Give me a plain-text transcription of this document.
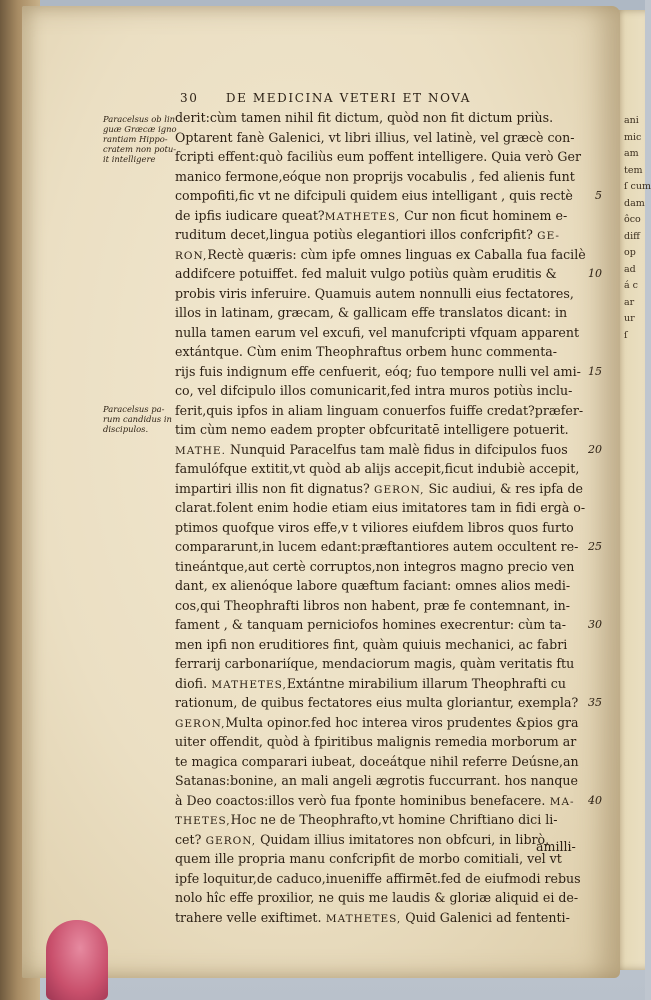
ani
mic
am
tem
ſ cum
dam
ôco
diff
op
ad
á c
ar
ur
ſ
30 DE MEDICINA VETERI ET NOVA
Paracelsus ob lin
guæ Græcæ igno
rantiam Hippo-
cratem non potu-
it intelligere
Paracelsus pa-
rum candidus in
discipulos.
derit:cùm tamen nihil fit dictum, quòd non fit dictum priùs.
Optarent fanè Galenici, vt libri illius, vel latinè, vel græcè con-
fcripti effent:quò faciliùs eum poffent intelligere. Quia verò Ger
manico fermone,eóque non proprijs vocabulis , fed alienis funt
compofiti,fic vt ne difcipuli quidem eius intelligant , quis rectè
de ipfis iudicare queat?MATHETES, Cur non ficut hominem e-
ruditum decet,lingua potiùs elegantiori illos confcripfit? GE-
RON,Rectè quæris: cùm ipfe omnes linguas ex Caballa fua facilè
addifcere potuiffet. fed maluit vulgo potiùs quàm eruditis &
probis viris inferuire. Quamuis autem nonnulli eius fectatores,
illos in latinam, græcam, & gallicam effe translatos dicant: in
nulla tamen earum vel excufi, vel manufcripti vfquam apparent
extántque. Cùm enim Theophraftus orbem hunc commenta-
rijs fuis indignum effe cenfuerit, eóq; fuo tempore nulli vel ami-
co, vel difcipulo illos comunicarit,fed intra muros potiùs inclu-
ferit,quis ipfos in aliam linguam conuerfos fuiffe credat?præfer-
tim cùm nemo eadem propter obfcuritatē intelligere potuerit.
MATHE. Nunquid Paracelfus tam malè fidus in difcipulos fuos
famulófque extitit,vt quòd ab alijs accepit,ficut indubiè accepit,
impartiri illis non fit dignatus? GERON, Sic audiui, & res ipfa de
clarat.folent enim hodie etiam eius imitatores tam in fidi ergà o-
ptimos quofque viros effe,v t viliores eiufdem libros quos furto
compararunt,in lucem edant:præftantiores autem occultent re-
tineántque,aut certè corruptos,non integros magno precio ven
dant, ex alienóque labore quæftum faciant: omnes alios medi-
cos,qui Theophrafti libros non habent, præ fe contemnant, in-
fament , & tanquam perniciofos homines execrentur: cùm ta-
men ipfi non eruditiores fint, quàm quiuis mechanici, ac fabri
ferrarij carbonariíque, mendaciorum magis, quàm veritatis ftu
diofi. MATHETES,Extántne mirabilium illarum Theophrafti cu
rationum, de quibus fectatores eius multa gloriantur, exempla?
GERON,Multa opinor.fed hoc interea viros prudentes &pios gra
uiter offendit, quòd à fpiritibus malignis remedia morborum ar
te magica comparari iubeat, doceátque nihil referre Deúsne,an
Satanas:bonine, an mali angeli ægrotis fuccurrant. hos nanque
à Deo coactos:illos verò fua fponte hominibus benefacere. MA-
THETES,Hoc ne de Theophrafto,vt homine Chriftiano dici li-
cet? GERON, Quidam illius imitatores non obfcuri, in librò,
quem ille propria manu confcripfit de morbo comitiali, vel vt
ipfe loquitur,de caduco,inueniffe affirmēt.fed de eiufmodi rebus
nolo hîc effe proxilior, ne quis me laudis & gloriæ aliquid ei de-
trahere velle exiftimet. MATHETES, Quid Galenici ad fententi-
5
10
15
20
25
30
35
40
amilli-
